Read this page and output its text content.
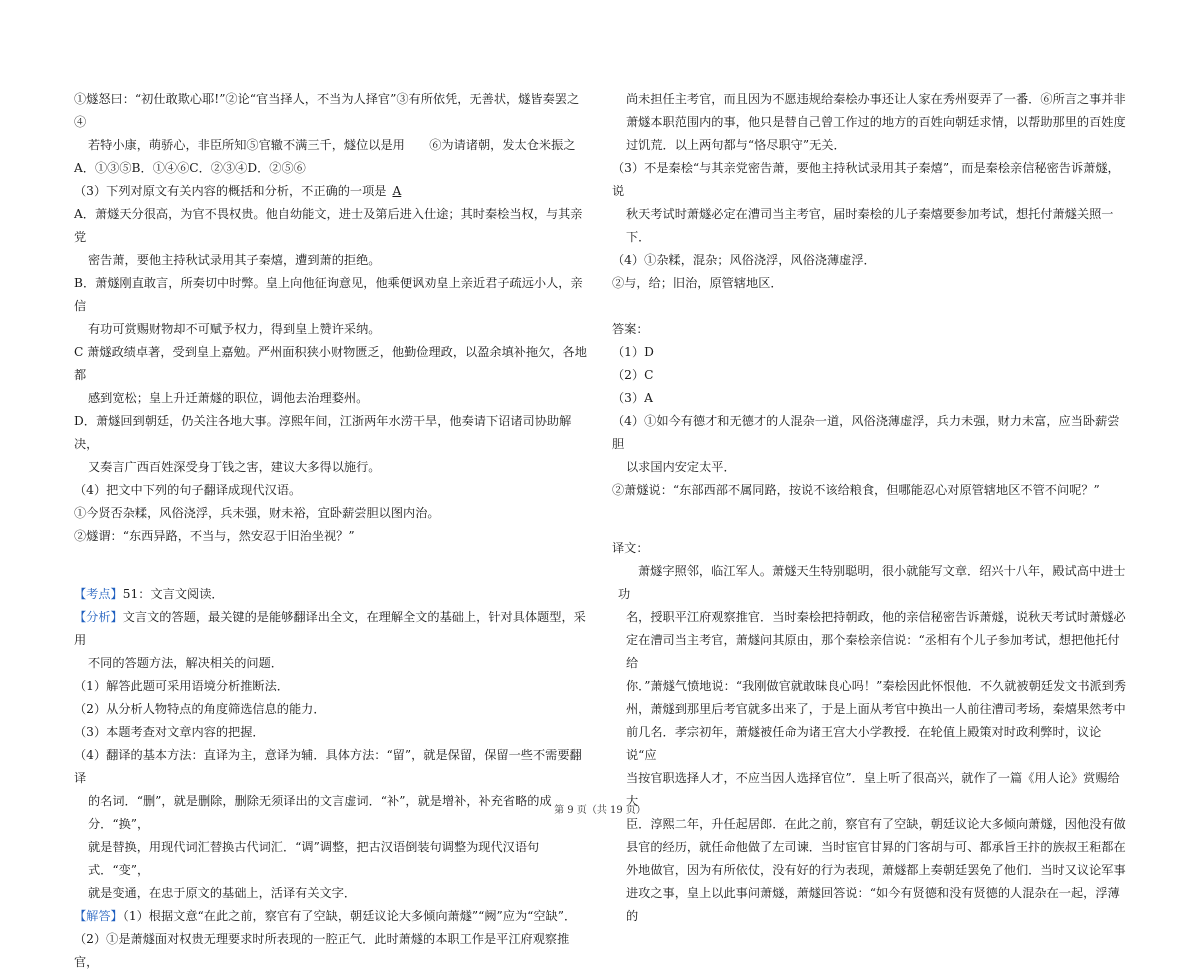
①燧怒曰：“初仕敢欺心耶!”②论“官当择人，不当为人择官”③有所依凭，无善状，燧皆奏罢之　　④

若特小康，萌骄心，非臣所知⑤官辙不满三千，燧位以是用　　⑥为请诸朝，发太仓米振之

A．①③⑤B．①④⑥C．②③④D．②⑤⑥

（3）下列对原文有关内容的概括和分析，不正确的一项是 A

A．萧燧天分很高，为官不畏权贵。他自幼能文，进士及第后进入仕途；其时秦桧当权，与其亲党

密告萧，要他主持秋试录用其子秦熺，遭到萧的拒绝。

B．萧燧刚直敢言，所奏切中时弊。皇上向他征询意见，他乘便讽劝皇上亲近君子疏远小人，亲信

有功可赏赐财物却不可赋予权力，得到皇上赞许采纳。

C 萧燧政绩卓著，受到皇上嘉勉。严州面积狭小财物匮乏，他勤俭理政，以盈余填补拖欠，各地都

感到宽松；皇上升迁萧燧的职位，调他去治理婺州。

D．萧燧回到朝廷，仍关注各地大事。淳熙年间，江浙两年水涝干旱，他奏请下诏诸司协助解决，

又奏言广西百姓深受身丁钱之害，建议大多得以施行。

（4）把文中下列的句子翻译成现代汉语。

①今贤否杂糅，风俗浇浮，兵未强，财未裕，宜卧薪尝胆以图内治。

②燧谓：“东西异路，不当与，然安忍于旧治坐视？”

【考点】51：文言文阅读．

【分析】文言文的答题，最关键的是能够翻译出全文，在理解全文的基础上，针对具体题型，采用

不同的答题方法，解决相关的问题．

（1）解答此题可采用语境分析推断法．

（2）从分析人物特点的角度筛选信息的能力．

（3）本题考查对文章内容的把握．

（4）翻译的基本方法：直译为主，意译为辅．具体方法：“留”，就是保留，保留一些不需要翻译

的名词．“删”，就是删除，删除无须译出的文言虚词．“补”，就是增补，补充省略的成分．“换”，

就是替换，用现代词汇替换古代词汇．“调”调整，把古汉语倒装句调整为现代汉语句式．“变”，

就是变通，在忠于原文的基础上，活译有关文字．

【解答】（1）根据文意“在此之前，察官有了空缺，朝廷议论大多倾向萧燧”“阙”应为“空缺”．

（2）①是萧燧面对权贵无理要求时所表现的一腔正气．此时萧燧的本职工作是平江府观察推官，

尚未担任主考官，而且因为不愿违规给秦桧办事还让人家在秀州耍弄了一番．⑥所言之事并非

萧燧本职范围内的事，他只是替自己曾工作过的地方的百姓向朝廷求情，以帮助那里的百姓度

过饥荒．以上两句都与“恪尽职守”无关．

（3）不是秦桧“与其亲党密告萧，要他主持秋试录用其子秦熺”，而是秦桧亲信秘密告诉萧燧，说

秋天考试时萧燧必定在漕司当主考官，届时秦桧的儿子秦熺要参加考试，想托付萧燧关照一下．

（4）①杂糅，混杂；风俗浇浮，风俗浇薄虚浮．

②与，给；旧治，原管辖地区．

答案：

（1）D

（2）C

（3）A

（4）①如今有德才和无德才的人混杂一道，风俗浇薄虚浮，兵力未强，财力未富，应当卧薪尝胆

以求国内安定太平．

②萧燧说：“东部西部不属同路，按说不该给粮食，但哪能忍心对原管辖地区不管不问呢？”

译文：

萧燧字照邻，临江军人。萧燧天生特别聪明，很小就能写文章．绍兴十八年，殿试高中进士功

名，授职平江府观察推官．当时秦桧把持朝政，他的亲信秘密告诉萧燧，说秋天考试时萧燧必

定在漕司当主考官，萧燧问其原由，那个秦桧亲信说：“丞相有个儿子参加考试，想把他托付给

你．”萧燧气愤地说：“我刚做官就敢昧良心吗！”秦桧因此怀恨他．不久就被朝廷发文书派到秀

州，萧燧到那里后考官就多出来了，于是上面从考官中换出一人前往漕司考场，秦熺果然考中

前几名．孝宗初年，萧燧被任命为诸王宫大小学教授．在轮值上殿策对时政利弊时，议论说“应

当按官职选择人才，不应当因人选择官位”．皇上听了很高兴，就作了一篇《用人论》赏赐给大

臣．淳熙二年，升任起居郎．在此之前，察官有了空缺，朝廷议论大多倾向萧燧，因他没有做

县官的经历，就任命他做了左司谏．当时宦官甘昪的门客胡与可、都承旨王抃的族叔王秬都在

外地做官，因为有所依仗，没有好的行为表现，萧燧都上奏朝廷罢免了他们．当时又议论军事

进攻之事，皇上以此事问萧燧，萧燧回答说：“如今有贤德和没有贤德的人混杂在一起，浮薄的

第 9 页（共 19 页）
